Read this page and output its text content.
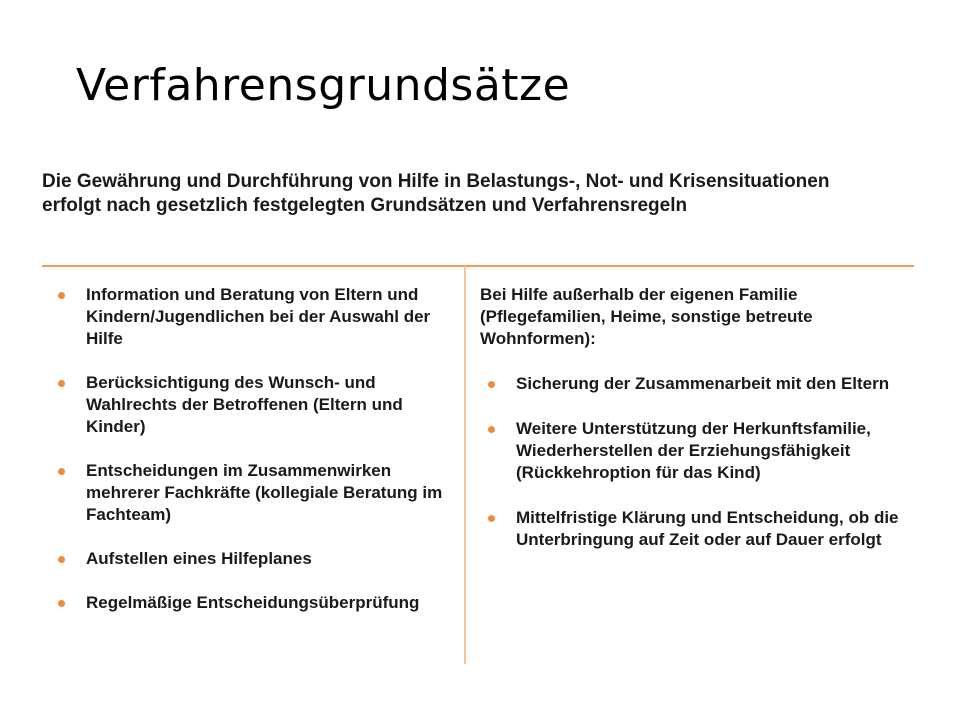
Verfahrensgrundsätze

Die Gewährung und Durchführung von Hilfe in Belastungs-, Not- und Krisensituationen erfolgt nach gesetzlich festgelegten Grundsätzen und Verfahrensregeln

Information und Beratung von Eltern und Kindern/Jugendlichen bei der Auswahl der Hilfe
Berücksichtigung des Wunsch- und Wahlrechts der Betroffenen (Eltern und Kinder)
Entscheidungen im Zusammenwirken mehrerer Fachkräfte (kollegiale Beratung im Fachteam)
Aufstellen eines Hilfeplanes
Regelmäßige Entscheidungsüberprüfung

Bei Hilfe außerhalb der eigenen Familie (Pflegefamilien, Heime, sonstige betreute Wohnformen):

Sicherung der Zusammenarbeit mit den Eltern
Weitere Unterstützung der Herkunftsfamilie, Wiederherstellen der Erziehungsfähigkeit (Rückkehroption für das Kind)
Mittelfristige Klärung und Entscheidung, ob die Unterbringung auf Zeit oder auf Dauer erfolgt
